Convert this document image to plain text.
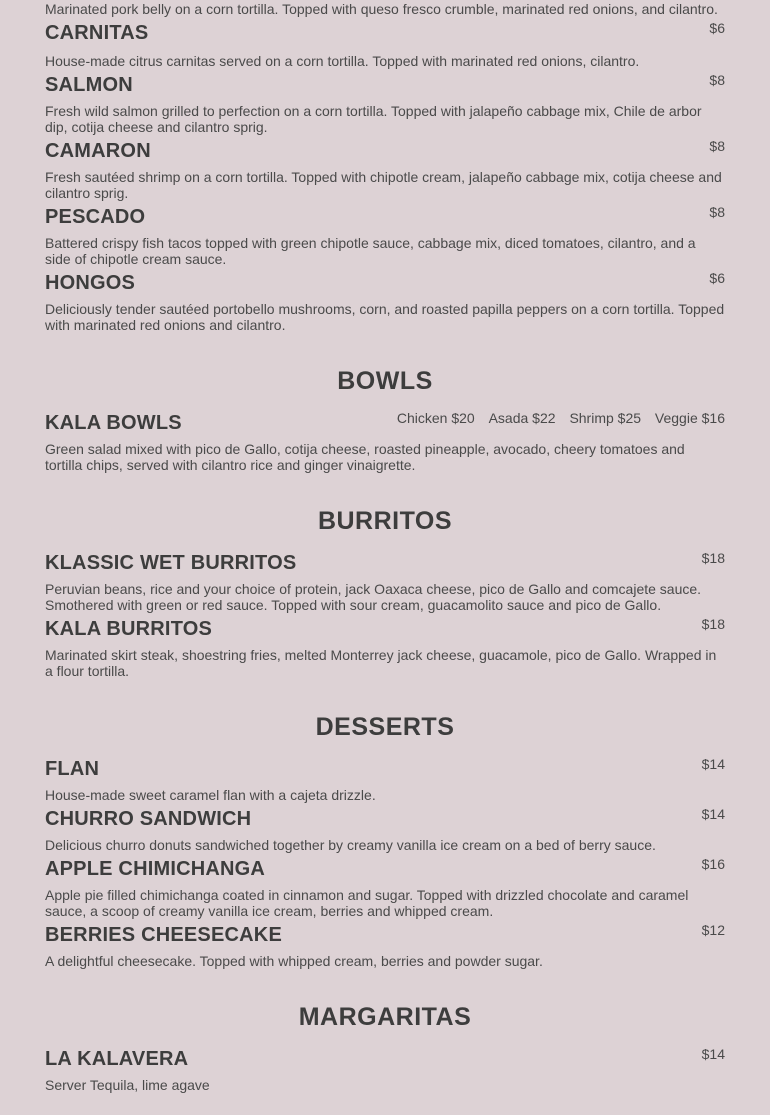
Marinated pork belly on a corn tortilla. Topped with queso fresco crumble, marinated red onions, and cilantro.

CARNITAS	$6

House-made citrus carnitas served on a corn tortilla. Topped with marinated red onions, cilantro.

SALMON	$8

Fresh wild salmon grilled to perfection on a corn tortilla. Topped with jalapeño cabbage mix, Chile de arbor dip, cotija cheese and cilantro sprig.

CAMARON	$8

Fresh sautéed shrimp on a corn tortilla. Topped with chipotle cream, jalapeño cabbage mix, cotija cheese and cilantro sprig.

PESCADO	$8

Battered crispy fish tacos topped with green chipotle sauce, cabbage mix, diced tomatoes, cilantro, and a side of chipotle cream sauce.

HONGOS	$6

Deliciously tender sautéed portobello mushrooms, corn, and roasted papilla peppers on a corn tortilla. Topped with marinated red onions and cilantro.

BOWLS
KALA BOWLS	Chicken $20 Asada $22 Shrimp $25 Veggie $16

Green salad mixed with pico de Gallo, cotija cheese, roasted pineapple, avocado, cheery tomatoes and tortilla chips, served with cilantro rice and ginger vinaigrette.

BURRITOS
KLASSIC WET BURRITOS	$18

Peruvian beans, rice and your choice of protein, jack Oaxaca cheese, pico de Gallo and comcajete sauce. Smothered with green or red sauce. Topped with sour cream, guacamolito sauce and pico de Gallo.

KALA BURRITOS	$18

Marinated skirt steak, shoestring fries, melted Monterrey jack cheese, guacamole, pico de Gallo. Wrapped in a flour tortilla.

DESSERTS
FLAN	$14

House-made sweet caramel flan with a cajeta drizzle.

CHURRO SANDWICH	$14

Delicious churro donuts sandwiched together by creamy vanilla ice cream on a bed of berry sauce.

APPLE CHIMICHANGA	$16

Apple pie filled chimichanga coated in cinnamon and sugar. Topped with drizzled chocolate and caramel sauce, a scoop of creamy vanilla ice cream, berries and whipped cream.

BERRIES CHEESECAKE	$12

A delightful cheesecake. Topped with whipped cream, berries and powder sugar.

MARGARITAS
LA KALAVERA	$14

Server Tequila, lime agave
